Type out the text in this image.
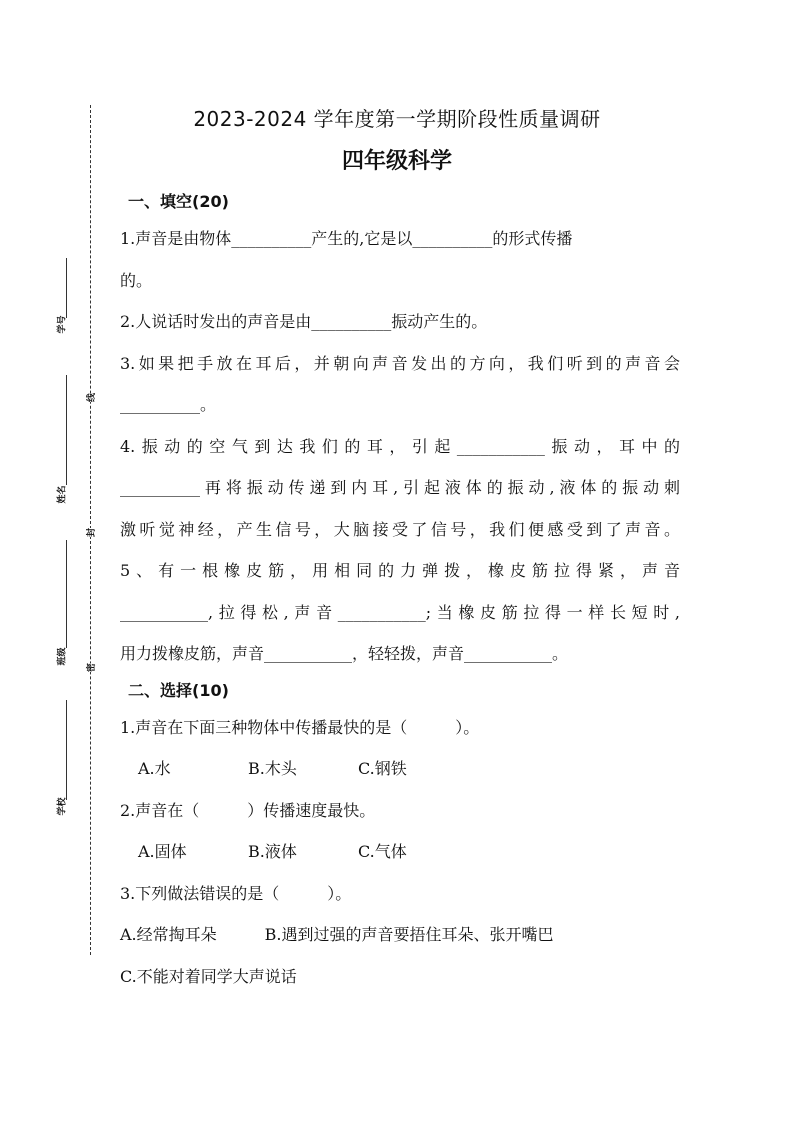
学号
姓名
班级
学校
线
封
密
2023-2024 学年度第一学期阶段性质量调研
四年级科学
一、填空(20)
1.声音是由物体__________产生的,它是以__________的形式传播
的。
2.人说话时发出的声音是由__________振动产生的。
3.如果把手放在耳后，并朝向声音发出的方向，我们听到的声音会
__________。
4.振动的空气到达我们的耳，引起___________振动，耳中的
__________再将振动传递到内耳,引起液体的振动,液体的振动刺
激听觉神经，产生信号，大脑接受了信号，我们便感受到了声音。
5、有一根橡皮筋，用相同的力弹拨，橡皮筋拉得紧，声音
___________,拉得松,声音___________;当橡皮筋拉得一样长短时,
用力拨橡皮筋，声音___________，轻轻拨，声音___________。
二、选择(10)
1.声音在下面三种物体中传播最快的是（　　　）。
A.水	B.木头	C.钢铁
2.声音在（　　　）传播速度最快。
A.固体	B.液体	C.气体
3.下列做法错误的是（　　　）。
A.经常掏耳朵　　　B.遇到过强的声音要捂住耳朵、张开嘴巴
C.不能对着同学大声说话
